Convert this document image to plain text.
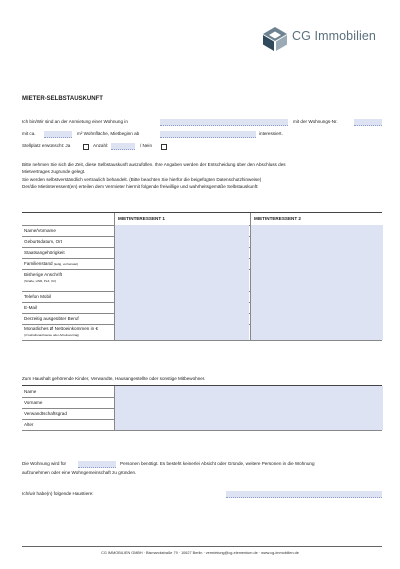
CG Immobilien
MIETER-SELBSTAUSKUNFT
Ich bin/Wir sind an der Anmietung einer Wohnung in	mit der Wohnungs-Nr.
mit ca.	m² Wohnfläche, Mietbeginn ab	interessiert.
Stellplatz erwünscht: Ja	Anzahl:	/ Nein
Bitte nehmen Sie sich die Zeit, diese Selbstauskunft auszufüllen. Ihre Angaben werden der Entscheidung über den Abschluss des
Mietvertrages zugrunde gelegt.
Sie werden selbstverständlich vertraulich behandelt. (Bitte beachten Sie hierfür die beigefügten Datenschutzhinweise)
Der/die Mietinteressent(en) erteilen dem Vermieter hiermit folgende freiwillige und wahrheitsgemäße Selbstauskunft:
MIETINTERESSENT 1	MIETINTERESSENT 2
Name/Vorname
Geburtsdatum, Ort
Staatsangehörigkeit
Familienstand (ledig, verheiratet)
Bisherige Anschrift
(Straße, HNR, PLZ, Ort)
Telefon Mobil
E-Mail
Derzeitig ausgeübter Beruf
Monatliches Ø Nettoeinkommen in €
(3 Gehaltsnachweise oder Arbeitsvertrag)
Zum Haushalt gehörende Kinder, Verwandte, Hausangestellte oder sonstige Mitbewohner.
Name
Vorname
Verwandtschaftsgrad
Alter
Die Wohnung wird für	Personen benötigt. Es besteht keinerlei Absicht oder Gründe, weitere Personen in die Wohnung
aufzunehmen oder eine Wohngemeinschaft zu gründen.
Ich/wir habe(n) folgende Haustiere:
CG IMMOBILIEN GMBH · Bismarckstraße 79 · 10627 Berlin · vermietung@cg-elementum.de · www.cg-immobilien.de
